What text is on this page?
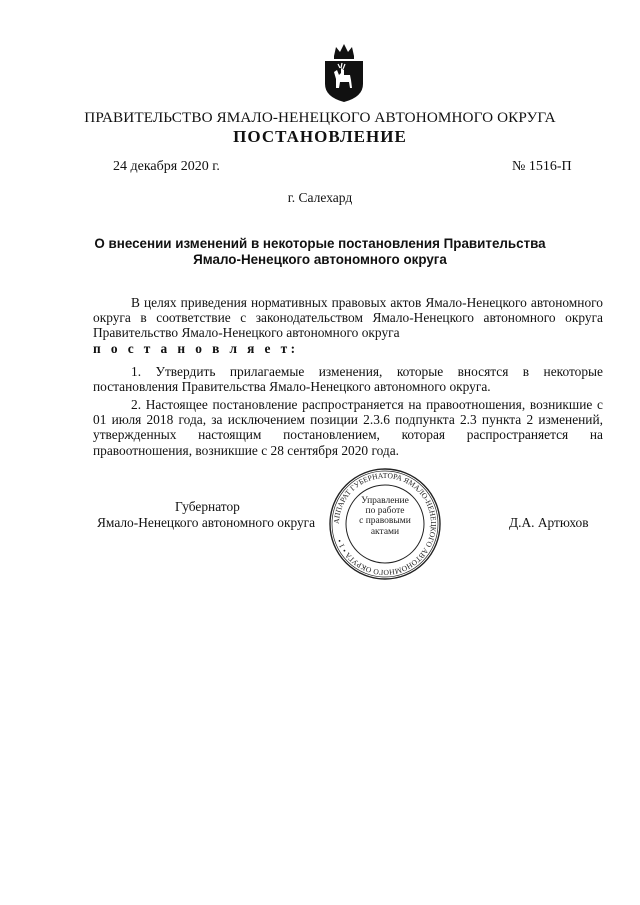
ПРАВИТЕЛЬСТВО ЯМАЛО-НЕНЕЦКОГО АВТОНОМНОГО ОКРУГА
ПОСТАНОВЛЕНИЕ
24 декабря 2020 г.	№ 1516-П
г. Салехард
О внесении изменений в некоторые постановления Правительства
Ямало-Ненецкого автономного округа
В целях приведения нормативных правовых актов Ямало-Ненецкого автономного округа в соответствие с законодательством Ямало-Ненецкого автономного округа Правительство Ямало-Ненецкого автономного округа
п о с т а н о в л я е т:
1. Утвердить прилагаемые изменения, которые вносятся в некоторые постановления Правительства Ямало-Ненецкого автономного округа.
2. Настоящее постановление распространяется на правоотношения, возникшие с 01 июля 2018 года, за исключением позиции 2.3.6 подпункта 2.3 пункта 2 изменений, утвержденных настоящим постановлением, которая распространяется на правоотношения, возникшие с 28 сентября 2020 года.
Губернатор
Ямало-Ненецкого автономного округа	Д.А. Артюхов
АППАРАТ ГУБЕРНАТОРА ЯМАЛО-НЕНЕЦКОГО АВТОНОМНОГО ОКРУГА • 1 •
Управление
по работе
с правовыми
актами
